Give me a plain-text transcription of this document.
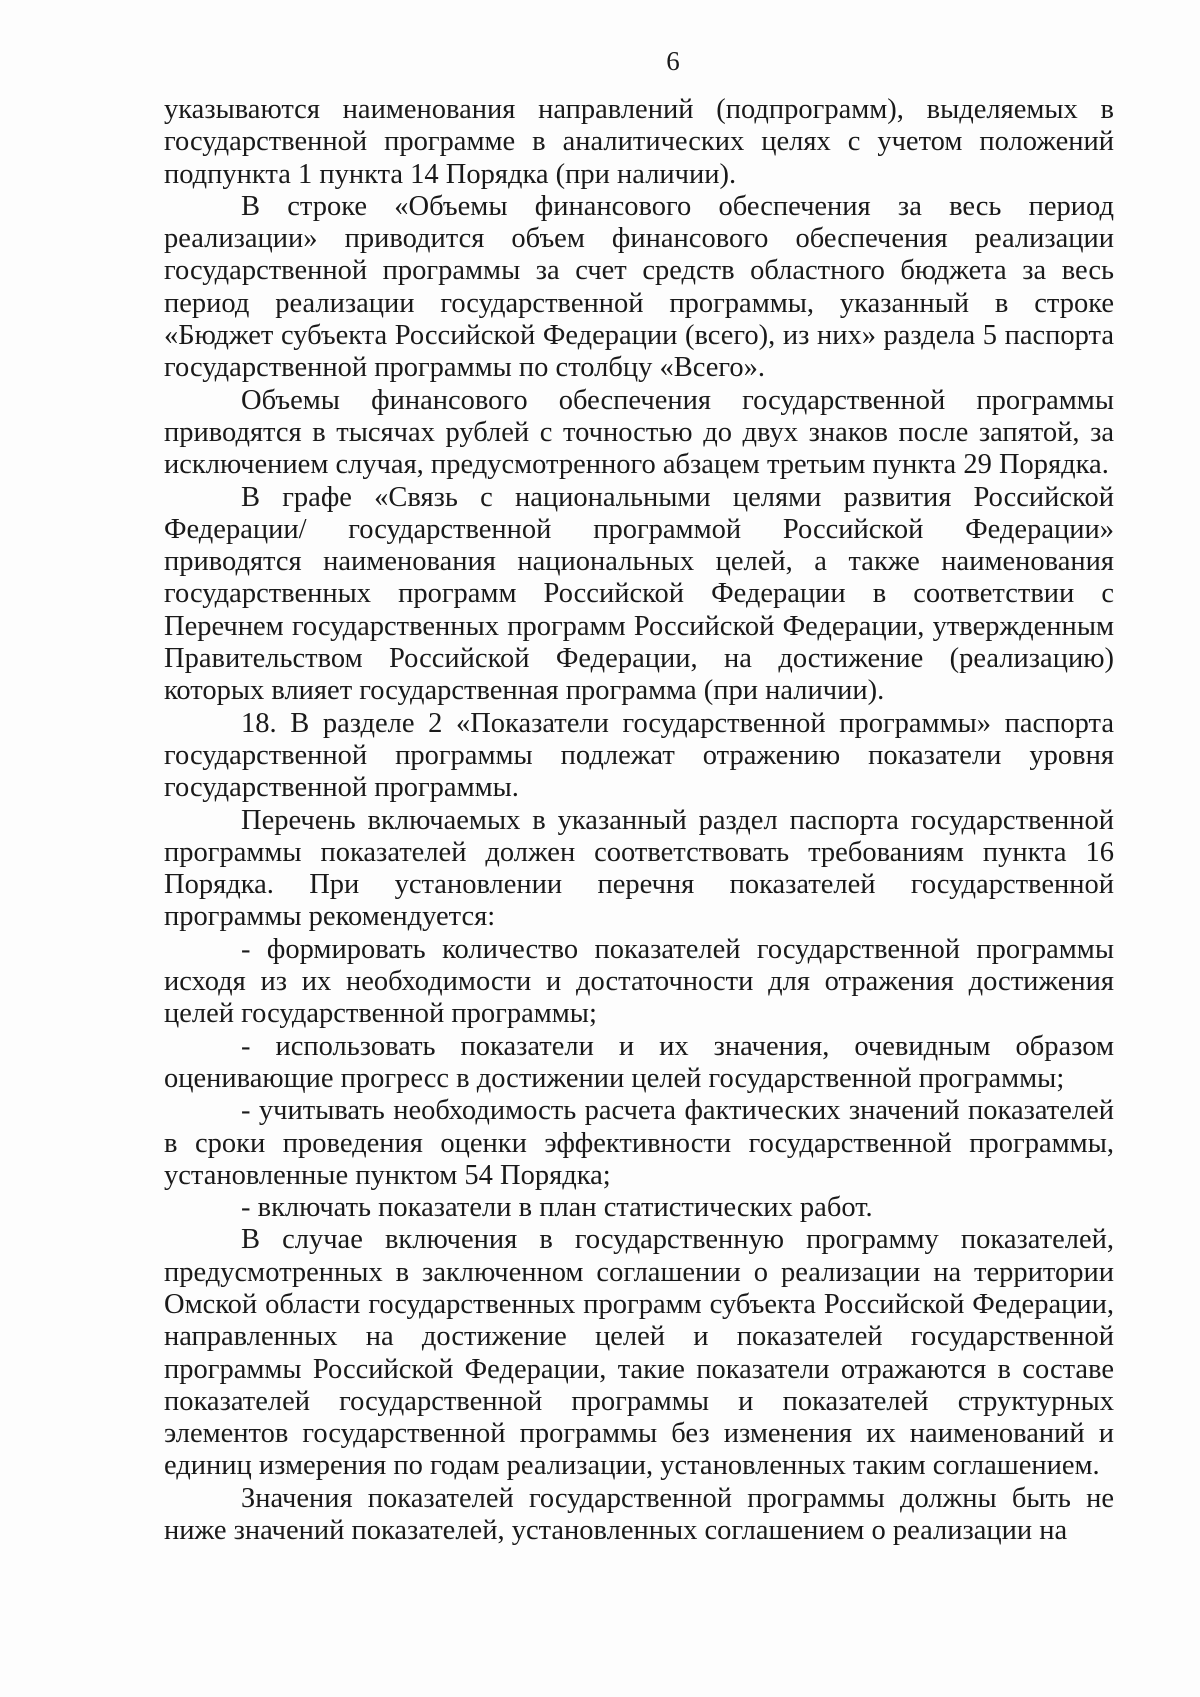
6

указываются наименования направлений (подпрограмм), выделяемых в государственной программе в аналитических целях с учетом положений подпункта 1 пункта 14 Порядка (при наличии).

В строке «Объемы финансового обеспечения за весь период реализации» приводится объем финансового обеспечения реализации государственной программы за счет средств областного бюджета за весь период реализации государственной программы, указанный в строке «Бюджет субъекта Российской Федерации (всего), из них» раздела 5 паспорта государственной программы по столбцу «Всего».

Объемы финансового обеспечения государственной программы приводятся в тысячах рублей с точностью до двух знаков после запятой, за исключением случая, предусмотренного абзацем третьим пункта 29 Порядка.

В графе «Связь с национальными целями развития Российской Федерации/ государственной программой Российской Федерации» приводятся наименования национальных целей, а также наименования государственных программ Российской Федерации в соответствии с Перечнем государственных программ Российской Федерации, утвержденным Правительством Российской Федерации, на достижение (реализацию) которых влияет государственная программа (при наличии).

18. В разделе 2 «Показатели государственной программы» паспорта государственной программы подлежат отражению показатели уровня государственной программы.

Перечень включаемых в указанный раздел паспорта государственной программы показателей должен соответствовать требованиям пункта 16 Порядка. При установлении перечня показателей государственной программы рекомендуется:

- формировать количество показателей государственной программы исходя из их необходимости и достаточности для отражения достижения целей государственной программы;

- использовать показатели и их значения, очевидным образом оценивающие прогресс в достижении целей государственной программы;

- учитывать необходимость расчета фактических значений показателей в сроки проведения оценки эффективности государственной программы, установленные пунктом 54 Порядка;

- включать показатели в план статистических работ.

В случае включения в государственную программу показателей, предусмотренных в заключенном соглашении о реализации на территории Омской области государственных программ субъекта Российской Федерации, направленных на достижение целей и показателей государственной программы Российской Федерации, такие показатели отражаются в составе показателей государственной программы и показателей структурных элементов государственной программы без изменения их наименований и единиц измерения по годам реализации, установленных таким соглашением.

Значения показателей государственной программы должны быть не ниже значений показателей, установленных соглашением о реализации на
